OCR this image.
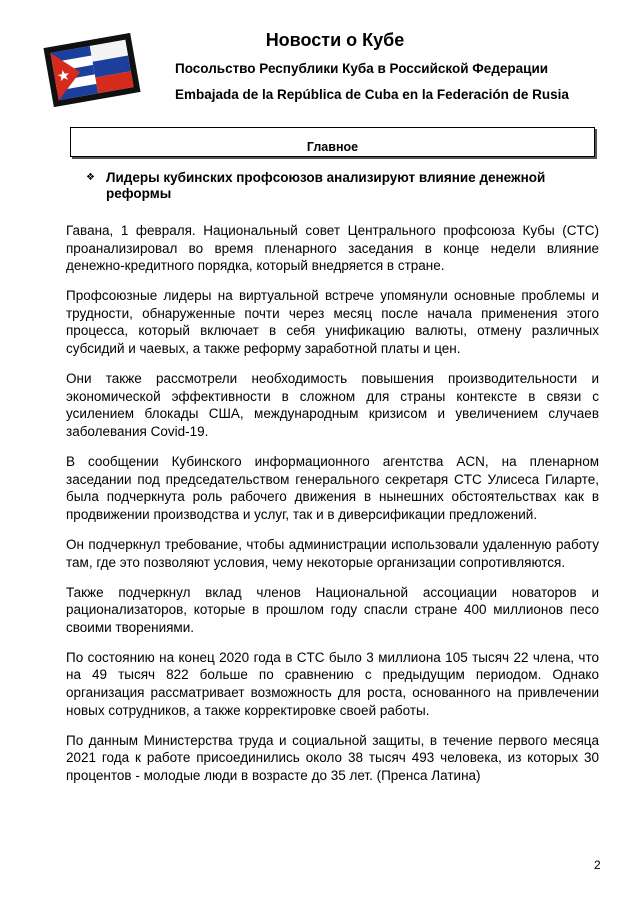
Новости о Кубе
Посольство Республики Куба в Российской Федерации
Embajada de la República de Cuba en la Federación de Rusia
Главное
❖ Лидеры кубинских профсоюзов анализируют влияние денежной реформы

Гавана, 1 февраля. Национальный совет Центрального профсоюза Кубы (CTC) проанализировал во время пленарного заседания в конце недели влияние денежно-кредитного порядка, который внедряется в стране.

Профсоюзные лидеры на виртуальной встрече упомянули основные проблемы и трудности, обнаруженные почти через месяц после начала применения этого процесса, который включает в себя унификацию валюты, отмену различных субсидий и чаевых, а также реформу заработной платы и цен.

Они также рассмотрели необходимость повышения производительности и экономической эффективности в сложном для страны контексте в связи с усилением блокады США, международным кризисом и увеличением случаев заболевания Covid-19.

В сообщении Кубинского информационного агентства ACN, на пленарном заседании под председательством генерального секретаря CTC Улисеса Гиларте, была подчеркнута роль рабочего движения в нынешних обстоятельствах как в продвижении производства и услуг, так и в диверсификации предложений.

Он подчеркнул требование, чтобы администрации использовали удаленную работу там, где это позволяют условия, чему некоторые организации сопротивляются.

Также подчеркнул вклад членов Национальной ассоциации новаторов и рационализаторов, которые в прошлом году спасли стране 400 миллионов песо своими творениями.

По состоянию на конец 2020 года в CTC было 3 миллиона 105 тысяч 22 члена, что на 49 тысяч 822 больше по сравнению с предыдущим периодом. Однако организация рассматривает возможность для роста, основанного на привлечении новых сотрудников, а также корректировке своей работы.

По данным Министерства труда и социальной защиты, в течение первого месяца 2021 года к работе присоединились около 38 тысяч 493 человека, из которых 30 процентов - молодые люди в возрасте до 35 лет. (Пренса Латина)

2
